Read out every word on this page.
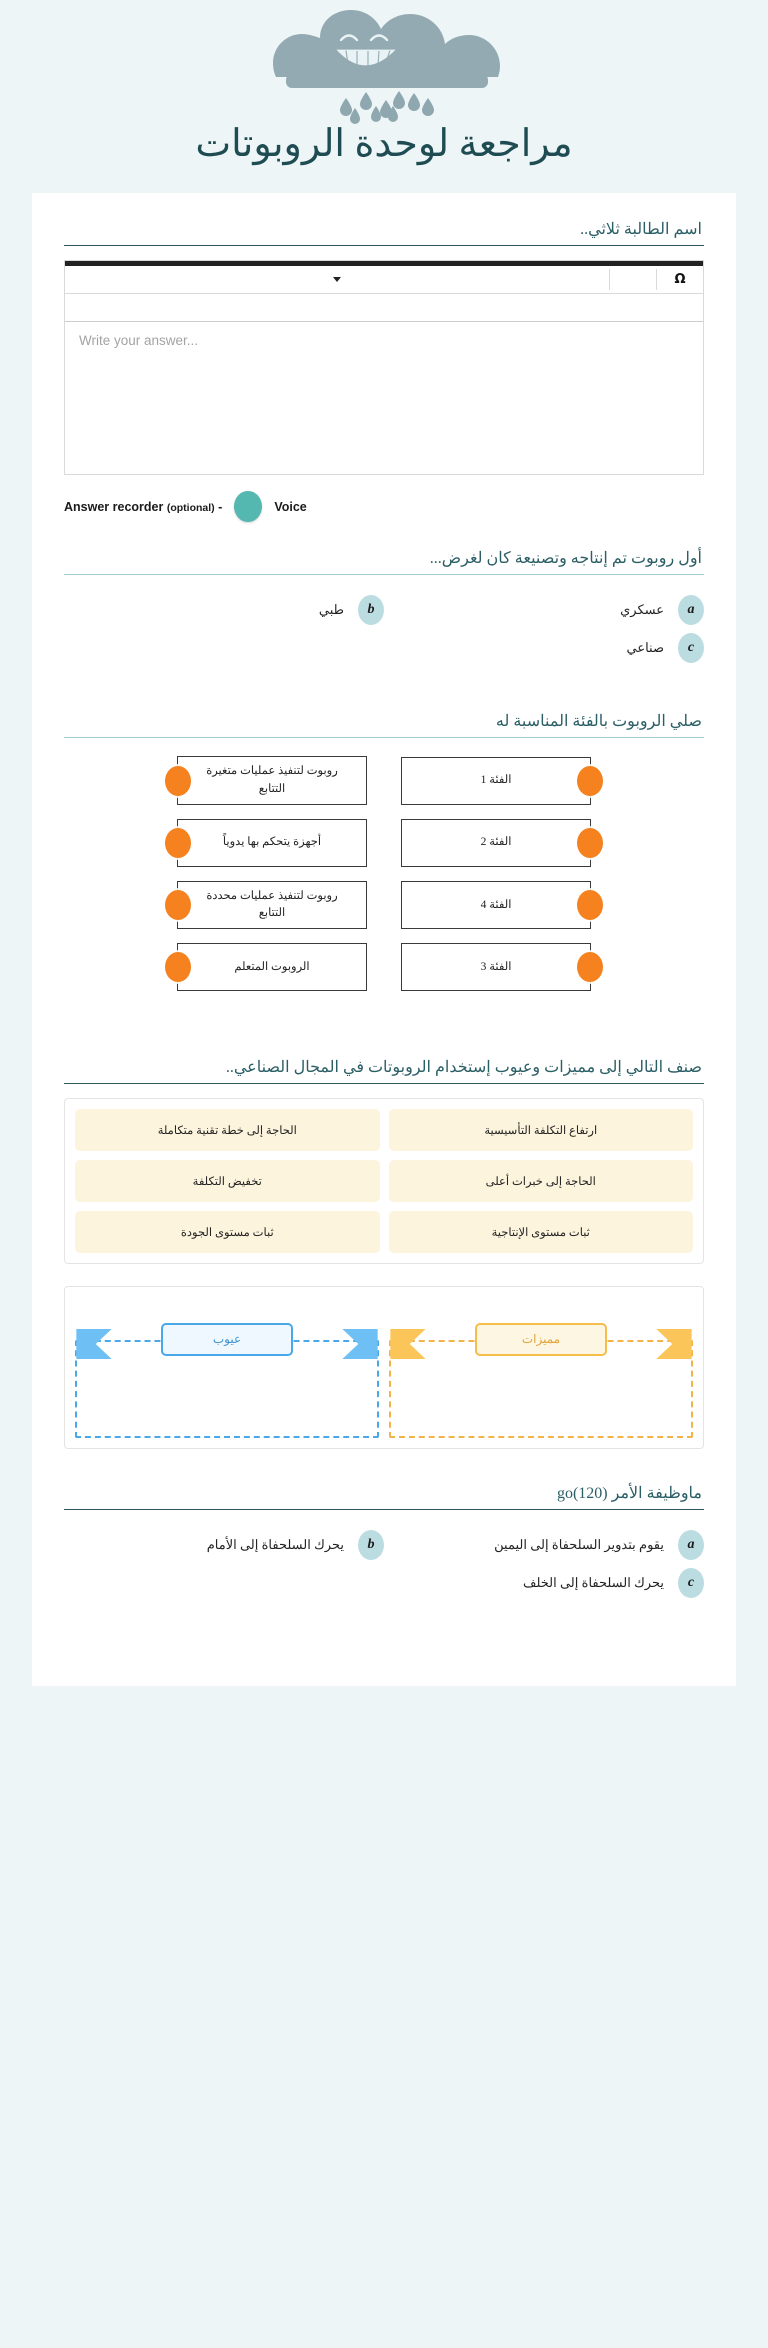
مراجعة لوحدة الروبوتات
اسم الطالبة ثلاثي..
Ω
Write your answer...
Answer recorder (optional) -	Voice
أول روبوت تم إنتاجه وتصنيعة كان لغرض...
a
عسكري
b
طبي
c
صناعي
صلي الروبوت بالفئة المناسبة له
روبوت لتنفيذ عمليات متغيرة التتابع
الفئة 1
أجهزة يتحكم بها يدوياً	الفئة 2
روبوت لتنفيذ عمليات محددة التتابع
الفئة 4
الروبوت المتعلم	الفئة 3
صنف التالي إلى مميزات وعيوب إستخدام الروبوتات في المجال الصناعي..
ارتفاع التكلفة التأسيسية
الحاجة إلى خطة تقنية متكاملة
الحاجة إلى خبرات أعلى
تخفيض التكلفة
ثبات مستوى الإنتاجية
ثبات مستوى الجودة
مميزات
عيوب
ماوظيفة الأمر (go(120
a
يقوم بتدوير السلحفاة إلى اليمين
b
يحرك السلحفاة إلى الأمام
c
يحرك السلحفاة إلى الخلف
